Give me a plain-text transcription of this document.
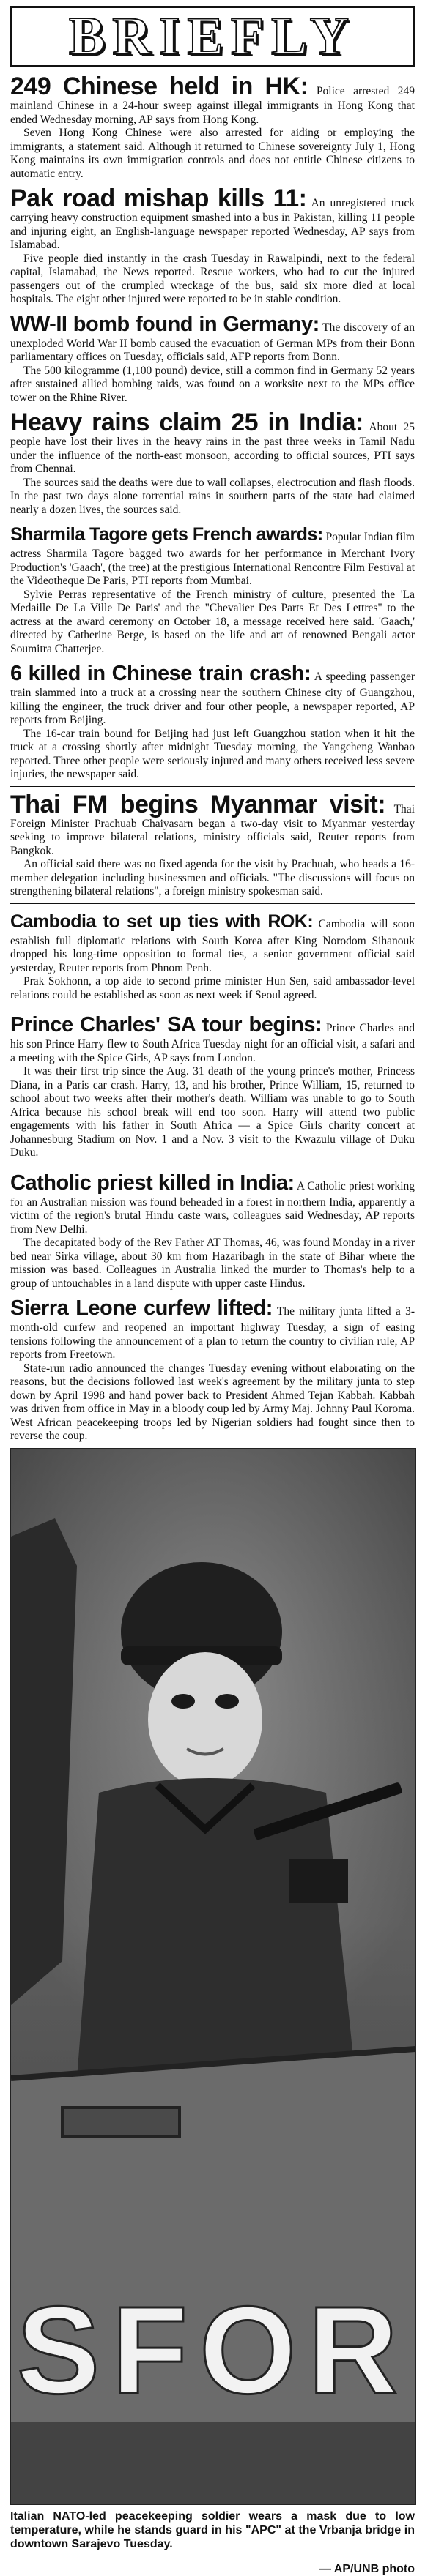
BRIEFLY

249 Chinese held in HK: Police arrested 249 mainland Chinese in a 24-hour sweep against illegal immigrants in Hong Kong that ended Wednesday morning, AP says from Hong Kong.

Seven Hong Kong Chinese were also arrested for aiding or employing the immigrants, a statement said. Although it returned to Chinese sovereignty July 1, Hong Kong maintains its own immigration controls and does not entitle Chinese citizens to automatic entry.

Pak road mishap kills 11: An unregistered truck carrying heavy construction equipment smashed into a bus in Pakistan, killing 11 people and injuring eight, an English-language newspaper reported Wednesday, AP says from Islamabad.

Five people died instantly in the crash Tuesday in Rawalpindi, next to the federal capital, Islamabad, the News reported. Rescue workers, who had to cut the injured passengers out of the crumpled wreckage of the bus, said six more died at local hospitals. The eight other injured were reported to be in stable condition.

WW-II bomb found in Germany: The discovery of an unexploded World War II bomb caused the evacuation of German MPs from their Bonn parliamentary offices on Tuesday, officials said, AFP reports from Bonn.

The 500 kilogramme (1,100 pound) device, still a common find in Germany 52 years after sustained allied bombing raids, was found on a worksite next to the MPs office tower on the Rhine River.

Heavy rains claim 25 in India: About 25 people have lost their lives in the heavy rains in the past three weeks in Tamil Nadu under the influence of the north-east monsoon, according to official sources, PTI says from Chennai.

The sources said the deaths were due to wall collapses, electrocution and flash floods. In the past two days alone torrential rains in southern parts of the state had claimed nearly a dozen lives, the sources said.

Sharmila Tagore gets French awards: Popular Indian film actress Sharmila Tagore bagged two awards for her performance in Merchant Ivory Production's 'Gaach', (the tree) at the prestigious International Rencontre Film Festival at the Videotheque De Paris, PTI reports from Mumbai.

Sylvie Perras representative of the French ministry of culture, presented the 'La Medaille De La Ville De Paris' and the "Chevalier Des Parts Et Des Lettres" to the actress at the award ceremony on October 18, a message received here said. 'Gaach,' directed by Catherine Berge, is based on the life and art of renowned Bengali actor Soumitra Chatterjee.

6 killed in Chinese train crash: A speeding passenger train slammed into a truck at a crossing near the southern Chinese city of Guangzhou, killing the engineer, the truck driver and four other people, a newspaper reported, AP reports from Beijing.

The 16-car train bound for Beijing had just left Guangzhou station when it hit the truck at a crossing shortly after midnight Tuesday morning, the Yangcheng Wanbao reported. Three other people were seriously injured and many others received less severe injuries, the newspaper said.

Thai FM begins Myanmar visit: Thai Foreign Minister Prachuab Chaiyasarn began a two-day visit to Myanmar yesterday seeking to improve bilateral relations, ministry officials said, Reuter reports from Bangkok.

An official said there was no fixed agenda for the visit by Prachuab, who heads a 16-member delegation including businessmen and officials. "The discussions will focus on strengthening bilateral relations", a foreign ministry spokesman said.

Cambodia to set up ties with ROK: Cambodia will soon establish full diplomatic relations with South Korea after King Norodom Sihanouk dropped his long-time opposition to formal ties, a senior government official said yesterday, Reuter reports from Phnom Penh.

Prak Sokhonn, a top aide to second prime minister Hun Sen, said ambassador-level relations could be established as soon as next week if Seoul agreed.

Prince Charles' SA tour begins: Prince Charles and his son Prince Harry flew to South Africa Tuesday night for an official visit, a safari and a meeting with the Spice Girls, AP says from London.

It was their first trip since the Aug. 31 death of the young prince's mother, Princess Diana, in a Paris car crash. Harry, 13, and his brother, Prince William, 15, returned to school about two weeks after their mother's death. William was unable to go to South Africa because his school break will end too soon. Harry will attend two public engagements with his father in South Africa — a Spice Girls charity concert at Johannesburg Stadium on Nov. 1 and a Nov. 3 visit to the Kwazulu village of Duku Duku.

Catholic priest killed in India: A Catholic priest working for an Australian mission was found beheaded in a forest in northern India, apparently a victim of the region's brutal Hindu caste wars, colleagues said Wednesday, AP reports from New Delhi.

The decapitated body of the Rev Father AT Thomas, 46, was found Monday in a river bed near Sirka village, about 30 km from Hazaribagh in the state of Bihar where the mission was based. Colleagues in Australia linked the murder to Thomas's help to a group of untouchables in a land dispute with upper caste Hindus.

Sierra Leone curfew lifted: The military junta lifted a 3-month-old curfew and reopened an important highway Tuesday, a sign of easing tensions following the announcement of a plan to return the country to civilian rule, AP reports from Freetown.

State-run radio announced the changes Tuesday evening without elaborating on the reasons, but the decisions followed last week's agreement by the military junta to step down by April 1998 and hand power back to President Ahmed Tejan Kabbah. Kabbah was driven from office in May in a bloody coup led by Army Maj. Johnny Paul Koroma. West African peacekeeping troops led by Nigerian soldiers had fought since then to reverse the coup.

SFOR

Italian NATO-led peacekeeping soldier wears a mask due to low temperature, while he stands guard in his "APC" at the Vrbanja bridge in downtown Sarajevo Tuesday.

— AP/UNB photo
